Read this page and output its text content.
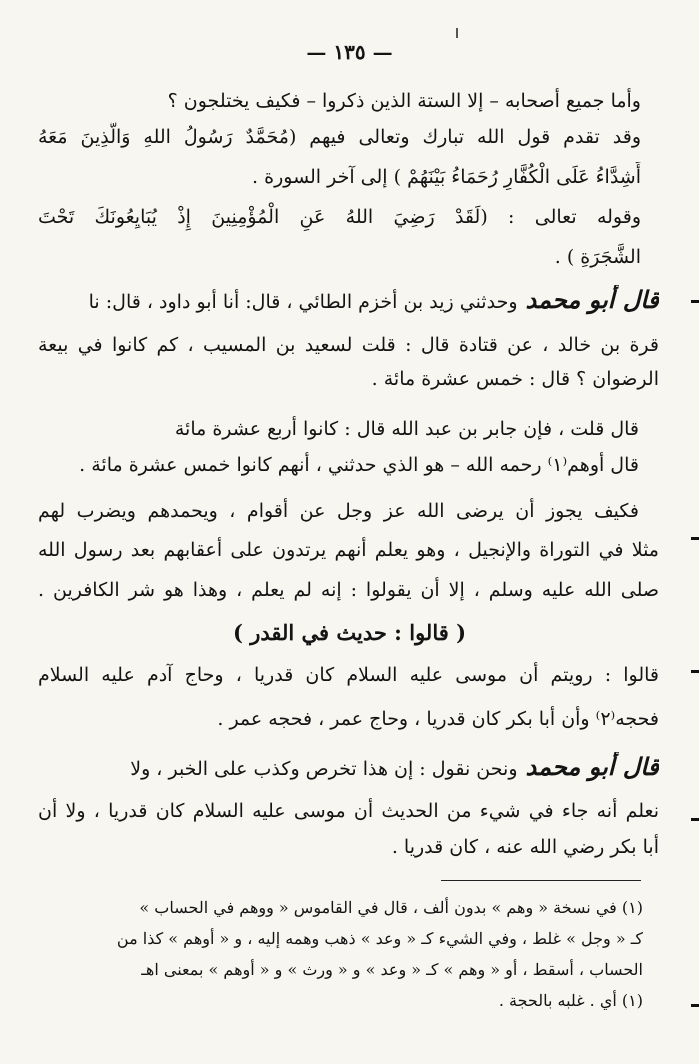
— ١٣٥ —
وأما جميع أصحابه – إلا الستة الذين ذكروا – فكيف يختلجون ؟
وقد تقدم قول الله تبارك وتعالى فيهم (مُحَمَّدٌ رَسُولُ اللهِ وَالَّذِينَ مَعَهُ
أَشِدَّاءُ عَلَى الْكُفَّارِ رُحَمَاءُ بَيْنَهُمْ ) إلى آخر السورة .
وقوله تعالى : (لَقَدْ رَضِيَ اللهُ عَنِ الْمُؤْمِنِينَ إِذْ يُبَايِعُونَكَ تَحْتَ
الشَّجَرَةِ ) .
قال أبو محمدوحدثني زيد بن أخزم الطائي ، قال: أنا أبو داود ، قال: نا
قرة بن خالد ، عن قتادة قال : قلت لسعيد بن المسيب ، كم كانوا في بيعة
الرضوان ؟ قال : خمس عشرة مائة .
قال قلت ، فإن جابر بن عبد الله قال : كانوا أربع عشرة مائة
قال أوهم⁽١⁾ رحمه الله – هو الذي حدثني ، أنهم كانوا خمس عشرة مائة .
فكيف يجوز أن يرضى الله عز وجل عن أقوام ، ويحمدهم ويضرب لهم
مثلا في التوراة والإنجيل ، وهو يعلم أنهم يرتدون على أعقابهم بعد رسول الله
صلى الله عليه وسلم ، إلا أن يقولوا : إنه لم يعلم ، وهذا هو شر الكافرين .
( قالوا : حديث في القدر )
قالوا : رويتم أن موسى عليه السلام كان قدريا ، وحاج آدم عليه السلام
فحجه⁽٢⁾ وأن أبا بكر كان قدريا ، وحاج عمر ، فحجه عمر .
قال أبو محمدونحن نقول : إن هذا تخرص وكذب على الخبر ، ولا
نعلم أنه جاء في شيء من الحديث أن موسى عليه السلام كان قدريا ، ولا أن
أبا بكر رضي الله عنه ، كان قدريا .
(١) في نسخة « وهم » بدون ألف ، قال في القاموس « ووهم في الحساب »
كـ « وجل » غلط ، وفي الشيء كـ « وعد » ذهب وهمه إليه ، و « أوهم » كذا من
الحساب ، أسقط ، أو « وهم » كـ « وعد » و « ورث » و « أوهم » بمعنى اهـ
(١) أي . غلبه بالحجة .
